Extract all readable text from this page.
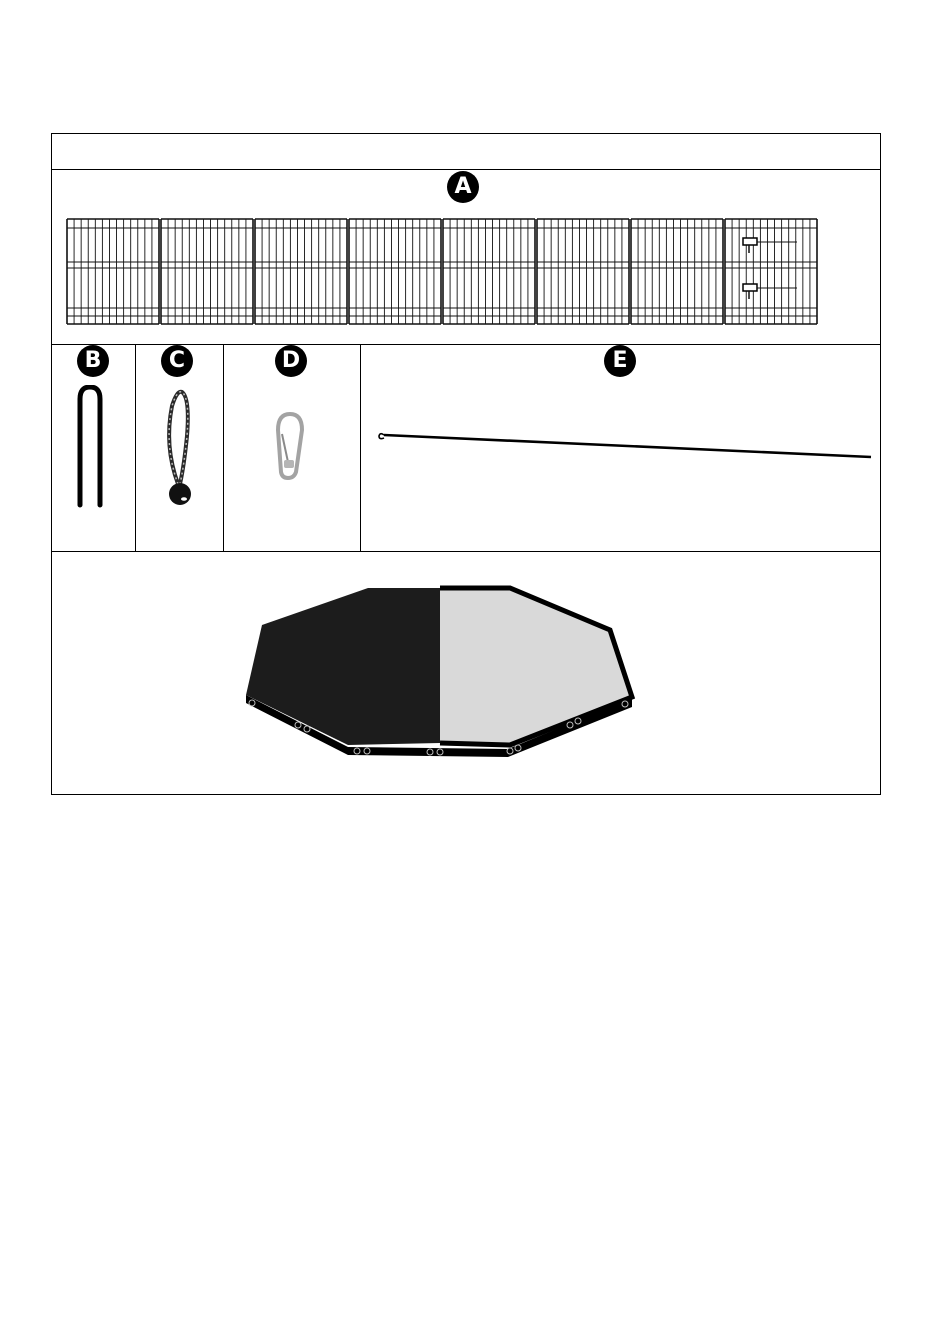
A
B	C	D	E
